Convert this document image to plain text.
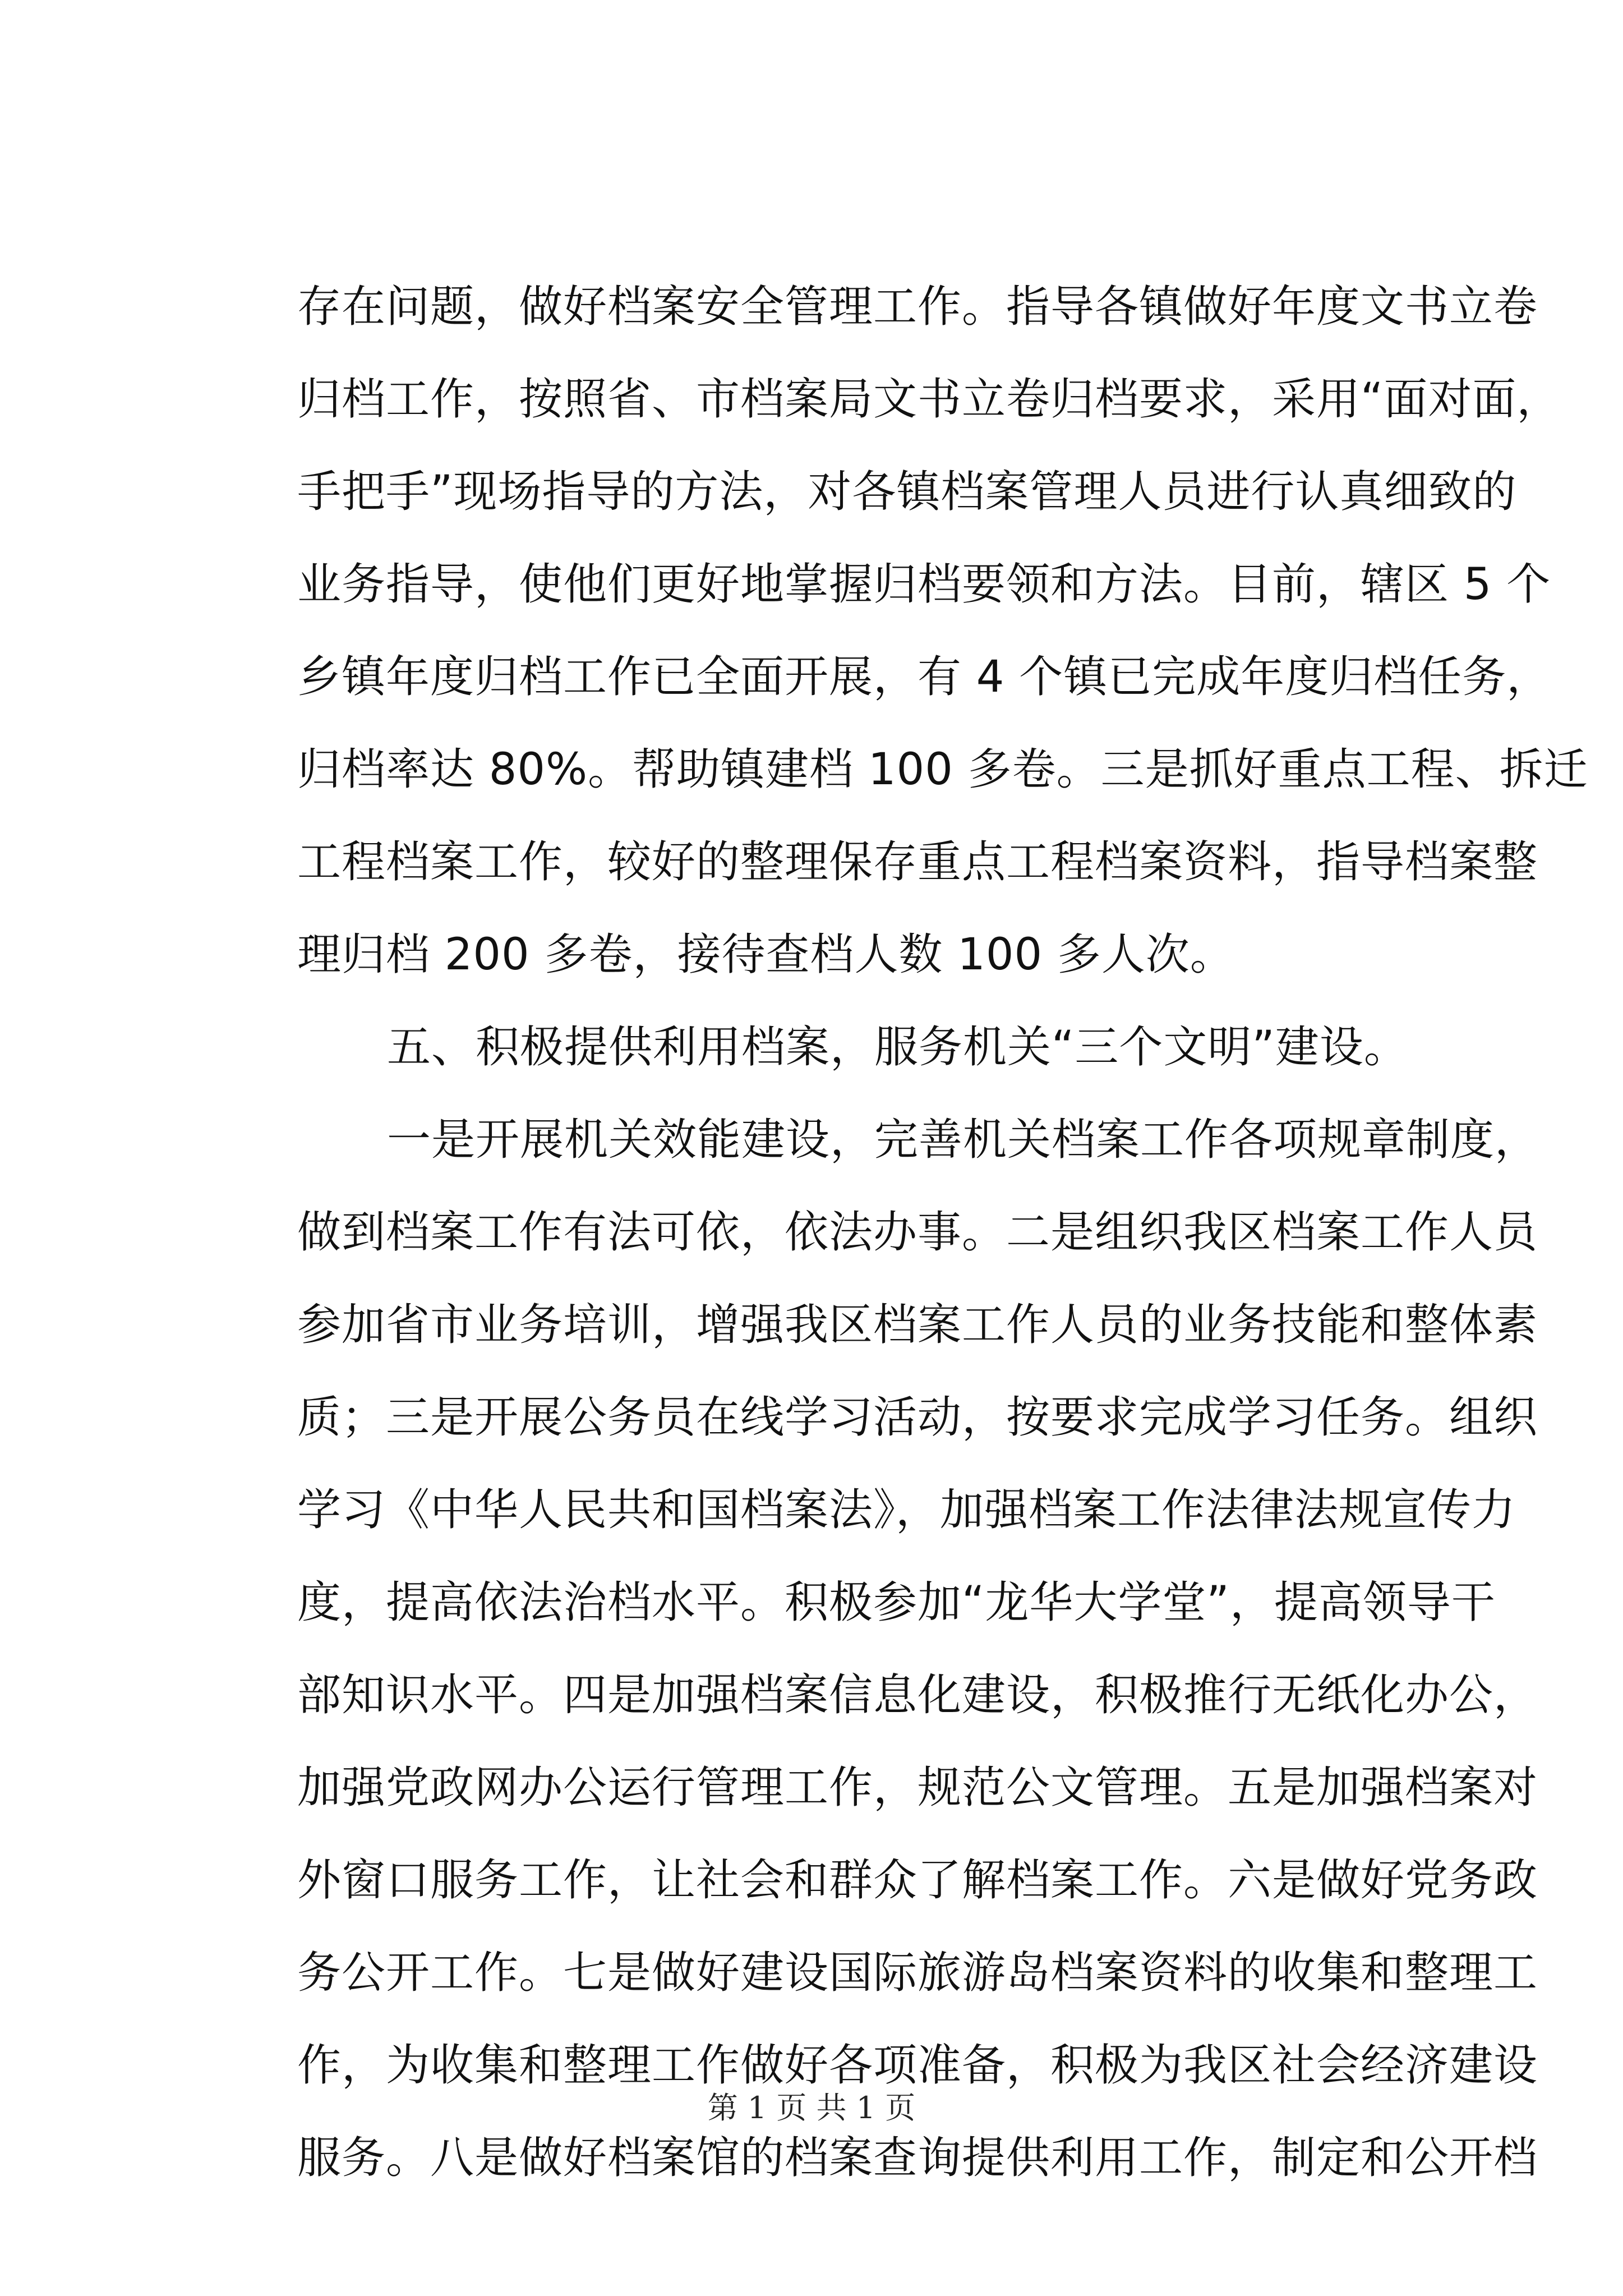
存在问题，做好档案安全管理工作。指导各镇做好年度文书立卷
归档工作，按照省、市档案局文书立卷归档要求，采用“面对面，
手把手”现场指导的方法，对各镇档案管理人员进行认真细致的
业务指导，使他们更好地掌握归档要领和方法。目前，辖区 5 个
乡镇年度归档工作已全面开展，有 4 个镇已完成年度归档任务，
归档率达 80%。帮助镇建档 100 多卷。三是抓好重点工程、拆迁
工程档案工作，较好的整理保存重点工程档案资料，指导档案整
理归档 200 多卷，接待查档人数 100 多人次。
五、积极提供利用档案，服务机关“三个文明”建设。
一是开展机关效能建设，完善机关档案工作各项规章制度，
做到档案工作有法可依，依法办事。二是组织我区档案工作人员
参加省市业务培训，增强我区档案工作人员的业务技能和整体素
质；三是开展公务员在线学习活动，按要求完成学习任务。组织
学习《中华人民共和国档案法》，加强档案工作法律法规宣传力
度，提高依法治档水平。积极参加“龙华大学堂”，提高领导干
部知识水平。四是加强档案信息化建设，积极推行无纸化办公，
加强党政网办公运行管理工作，规范公文管理。五是加强档案对
外窗口服务工作，让社会和群众了解档案工作。六是做好党务政
务公开工作。七是做好建设国际旅游岛档案资料的收集和整理工
作，为收集和整理工作做好各项准备，积极为我区社会经济建设
服务。八是做好档案馆的档案查询提供利用工作，制定和公开档
第 1 页 共 1 页
